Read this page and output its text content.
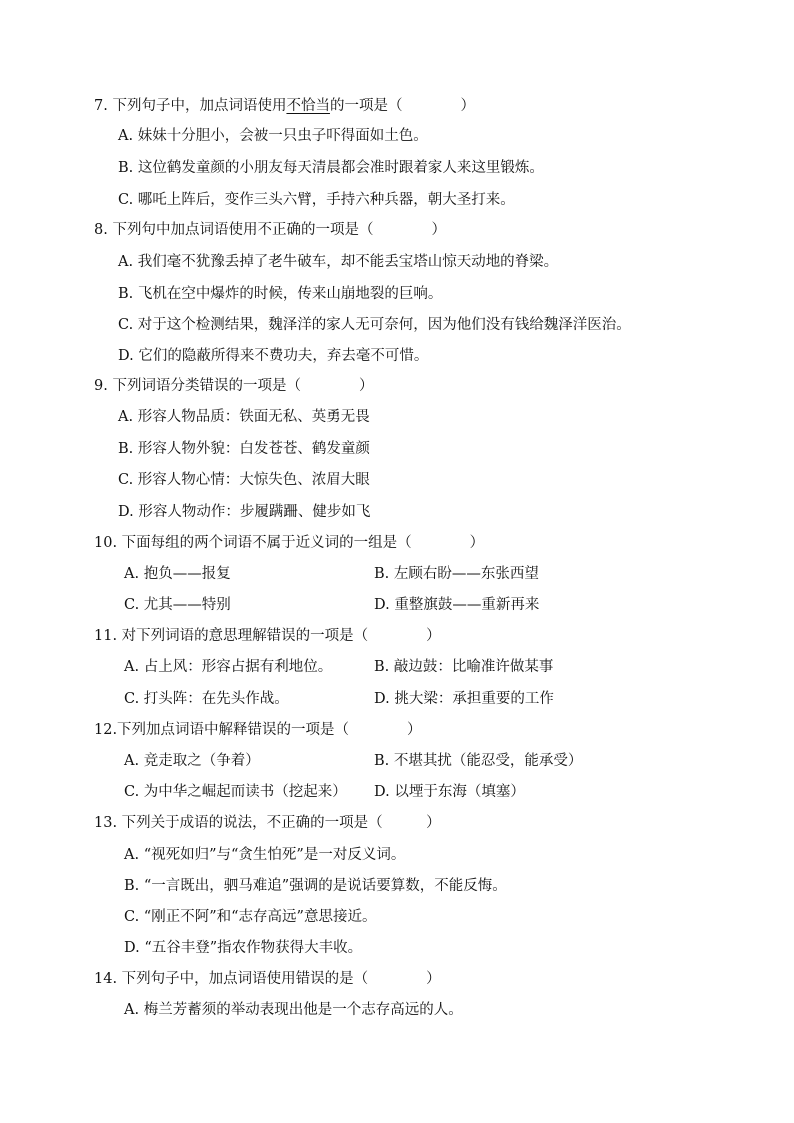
7. 下列句子中，加点词语使用不恰当的一项是（　　　　）
A. 妹妹十分胆小，会被一只虫子吓得面如土色。
B. 这位鹤发童颜的小朋友每天清晨都会准时跟着家人来这里锻炼。
C. 哪吒上阵后，变作三头六臂，手持六种兵器，朝大圣打来。
8. 下列句中加点词语使用不正确的一项是（　　　　）
A. 我们毫不犹豫丢掉了老牛破车，却不能丢宝塔山惊天动地的脊梁。
B. 飞机在空中爆炸的时候，传来山崩地裂的巨响。
C. 对于这个检测结果，魏泽洋的家人无可奈何，因为他们没有钱给魏泽洋医治。
D. 它们的隐蔽所得来不费功夫，弃去毫不可惜。
9. 下列词语分类错误的一项是（　　　　）
A. 形容人物品质：铁面无私、英勇无畏
B. 形容人物外貌：白发苍苍、鹤发童颜
C. 形容人物心情：大惊失色、浓眉大眼
D. 形容人物动作：步履蹒跚、健步如飞
10. 下面每组的两个词语不属于近义词的一组是（　　　　）
A. 抱负——报复	B. 左顾右盼——东张西望
C. 尤其——特别	D. 重整旗鼓——重新再来
11. 对下列词语的意思理解错误的一项是（　　　　）
A. 占上风：形容占据有利地位。	B. 敲边鼓：比喻准许做某事
C. 打头阵：在先头作战。	D. 挑大梁：承担重要的工作
12.下列加点词语中解释错误的一项是（　　　　）
A. 竞走取之（争着）	B. 不堪其扰（能忍受，能承受）
C. 为中华之崛起而读书（挖起来） D. 以堙于东海（填塞）
13. 下列关于成语的说法，不正确的一项是（　　　）
A. “视死如归”与“贪生怕死”是一对反义词。
B. “一言既出，驷马难追”强调的是说话要算数，不能反悔。
C. “刚正不阿”和“志存高远”意思接近。
D. “五谷丰登”指农作物获得大丰收。
14. 下列句子中，加点词语使用错误的是（　　　　）
A. 梅兰芳蓄须的举动表现出他是一个志存高远的人。
